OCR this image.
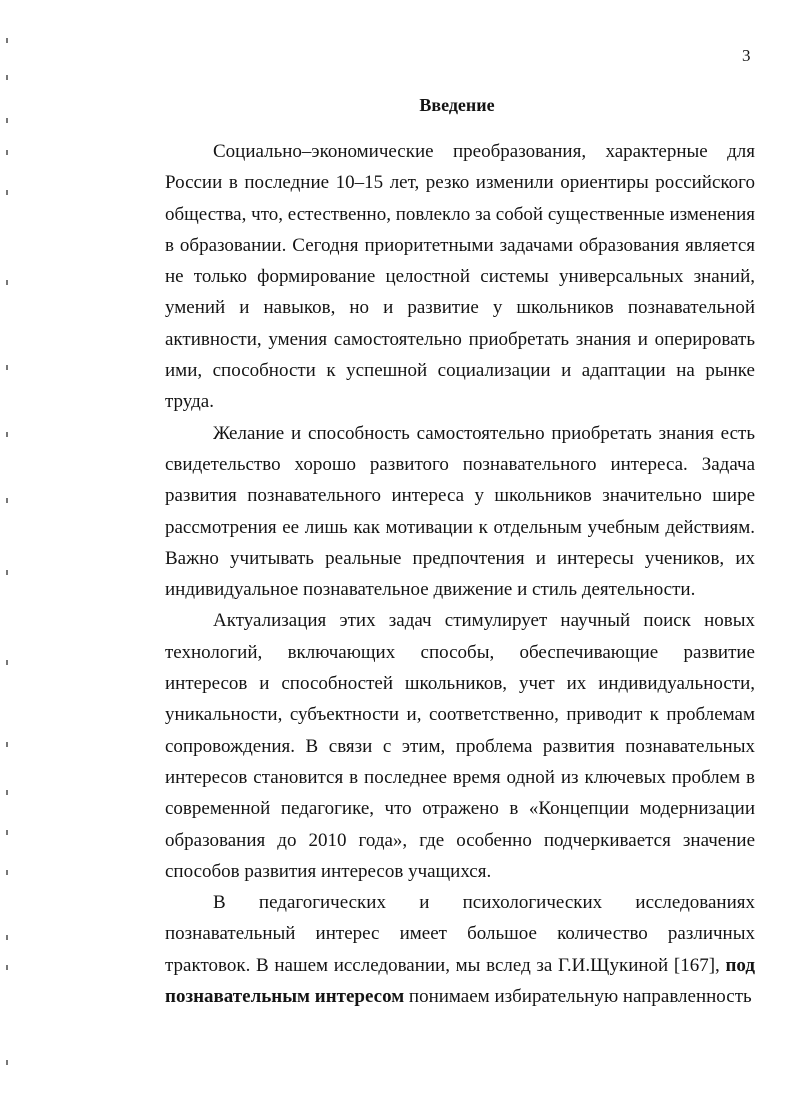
3
Введение

Социально–экономические преобразования, характерные для России в последние 10–15 лет, резко изменили ориентиры российского общества, что, естественно, повлекло за собой существенные изменения в образовании. Сегодня приоритетными задачами образования является не только формирование целостной системы универсальных знаний, умений и навыков, но и развитие у школьников познавательной активности, умения самостоятельно приобретать знания и оперировать ими, способности к успешной социализации и адаптации на рынке труда.

Желание и способность самостоятельно приобретать знания есть свидетельство хорошо развитого познавательного интереса. Задача развития познавательного интереса у школьников значительно шире рассмотрения ее лишь как мотивации к отдельным учебным действиям. Важно учитывать реальные предпочтения и интересы учеников, их индивидуальное познавательное движение и стиль деятельности.

Актуализация этих задач стимулирует научный поиск новых технологий, включающих способы, обеспечивающие развитие интересов и способностей школьников, учет их индивидуальности, уникальности, субъектности и, соответственно, приводит к проблемам сопровождения. В связи с этим, проблема развития познавательных интересов становится в последнее время одной из ключевых проблем в современной педагогике, что отражено в «Концепции модернизации образования до 2010 года», где особенно подчеркивается значение способов развития интересов учащихся.

В педагогических и психологических исследованиях познавательный интерес имеет большое количество различных трактовок. В нашем исследовании, мы вслед за Г.И.Щукиной [167], под познавательным интересом понимаем избирательную направленность
